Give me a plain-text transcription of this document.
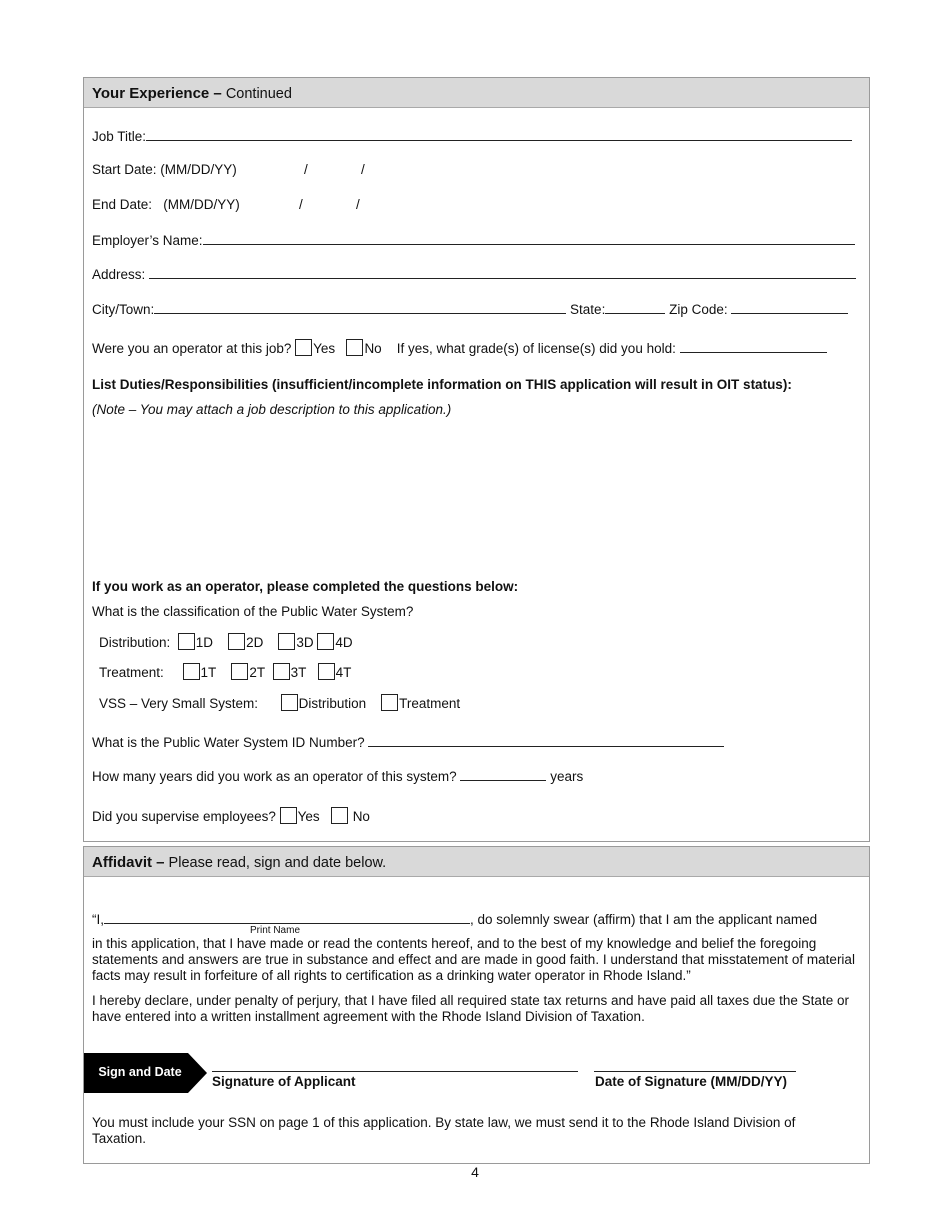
Your Experience – Continued
Job Title:
Start Date: (MM/DD/YY)	/	/
End Date:   (MM/DD/YY)	/	/
Employer’s Name:
Address:
City/Town:	State:	Zip Code:
Were you an operator at this job? Yes No If yes, what grade(s) of license(s) did you hold:
List Duties/Responsibilities (insufficient/incomplete information on THIS application will result in OIT status):
(Note – You may attach a job description to this application.)
If you work as an operator, please completed the questions below:
What is the classification of the Public Water System?
Distribution: 1D 2D 3D 4D
Treatment:	1T 2T 3T 4T
VSS – Very Small System:	Distribution Treatment
What is the Public Water System ID Number?
How many years did you work as an operator of this system?	years
Did you supervise employees? Yes No
Affidavit – Please read, sign and date below.
“I,	, do solemnly swear (affirm) that I am the applicant named
Print Name
in this application, that I have made or read the contents hereof, and to the best of my knowledge and belief the foregoing statements and answers are true in substance and effect and are made in good faith. I understand that misstatement of material facts may result in forfeiture of all rights to certification as a drinking water operator in Rhode Island.”
I hereby declare, under penalty of perjury, that I have filed all required state tax returns and have paid all taxes due the State or have entered into a written installment agreement with the Rhode Island Division of Taxation.
Sign and Date
Signature of Applicant	Date of Signature (MM/DD/YY)
You must include your SSN on page 1 of this application. By state law, we must send it to the Rhode Island Division of Taxation.
4
